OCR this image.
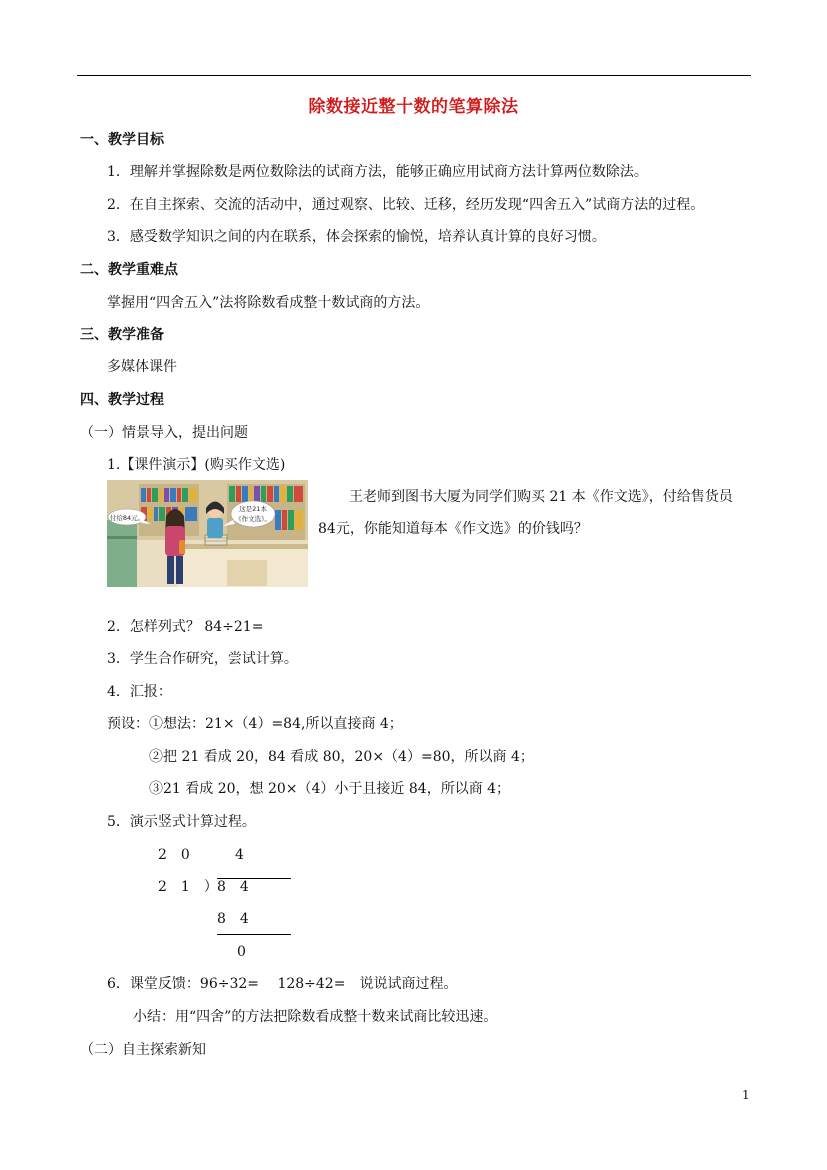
除数接近整十数的笔算除法
一、教学目标
1．理解并掌握除数是两位数除法的试商方法，能够正确应用试商方法计算两位数除法。
2．在自主探索、交流的活动中，通过观察、比较、迁移，经历发现“四舍五入”试商方法的过程。
3．感受数学知识之间的内在联系，体会探索的愉悦，培养认真计算的良好习惯。
二、教学重难点
掌握用“四舍五入”法将除数看成整十数试商的方法。
三、教学准备
多媒体课件
四、教学过程
（一）情景导入，提出问题
1.【课件演示】(购买作文选)
付给84元。
这是21本
《作文选》。
王老师到图书大厦为同学们购买 21 本《作文选》，付给售货员
84元，你能知道每本《作文选》的价钱吗？
2．怎样列式？ 84÷21=
3．学生合作研究，尝试计算。
4．汇报：
预设：①想法：21×（4）=84,所以直接商 4；
②把 21 看成 20，84 看成 80，20×（4）=80，所以商 4；
③21 看成 20，想 20×（4）小于且接近 84，所以商 4；
5．演示竖式计算过程。
2　0	4
2　1　） 8　4
8　4
0
6．课堂反馈：96÷32=　 128÷42=　说说试商过程。
小结：用“四舍”的方法把除数看成整十数来试商比较迅速。
（二）自主探索新知
1
